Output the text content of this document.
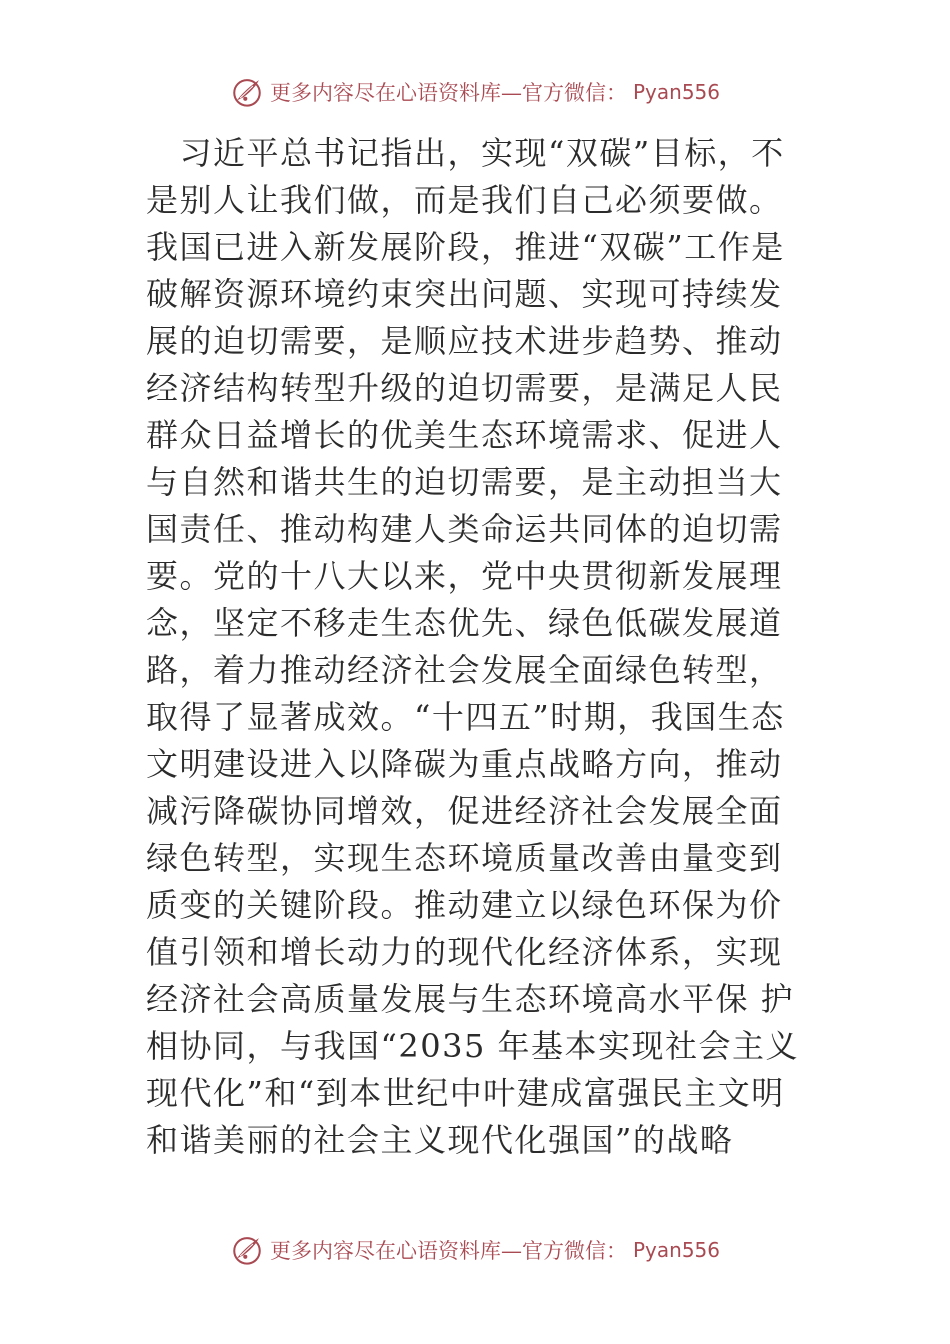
更多内容尽在心语资料库—官方微信： Pyan556
　习近平总书记指出，实现“双碳”目标，不
是别人让我们做，而是我们自己必须要做。
我国已进入新发展阶段，推进“双碳”工作是
破解资源环境约束突出问题、实现可持续发
展的迫切需要，是顺应技术进步趋势、推动
经济结构转型升级的迫切需要，是满足人民
群众日益增长的优美生态环境需求、促进人
与自然和谐共生的迫切需要，是主动担当大
国责任、推动构建人类命运共同体的迫切需
要。党的十八大以来，党中央贯彻新发展理
念，坚定不移走生态优先、绿色低碳发展道
路，着力推动经济社会发展全面绿色转型，
取得了显著成效。“十四五”时期，我国生态
文明建设进入以降碳为重点战略方向，推动
减污降碳协同增效，促进经济社会发展全面
绿色转型，实现生态环境质量改善由量变到
质变的关键阶段。推动建立以绿色环保为价
值引领和增长动力的现代化经济体系，实现
经济社会高质量发展与生态环境高水平保 护
相协同，与我国“2035 年基本实现社会主义
现代化”和“到本世纪中叶建成富强民主文明
和谐美丽的社会主义现代化强国”的战略
更多内容尽在心语资料库—官方微信： Pyan556
